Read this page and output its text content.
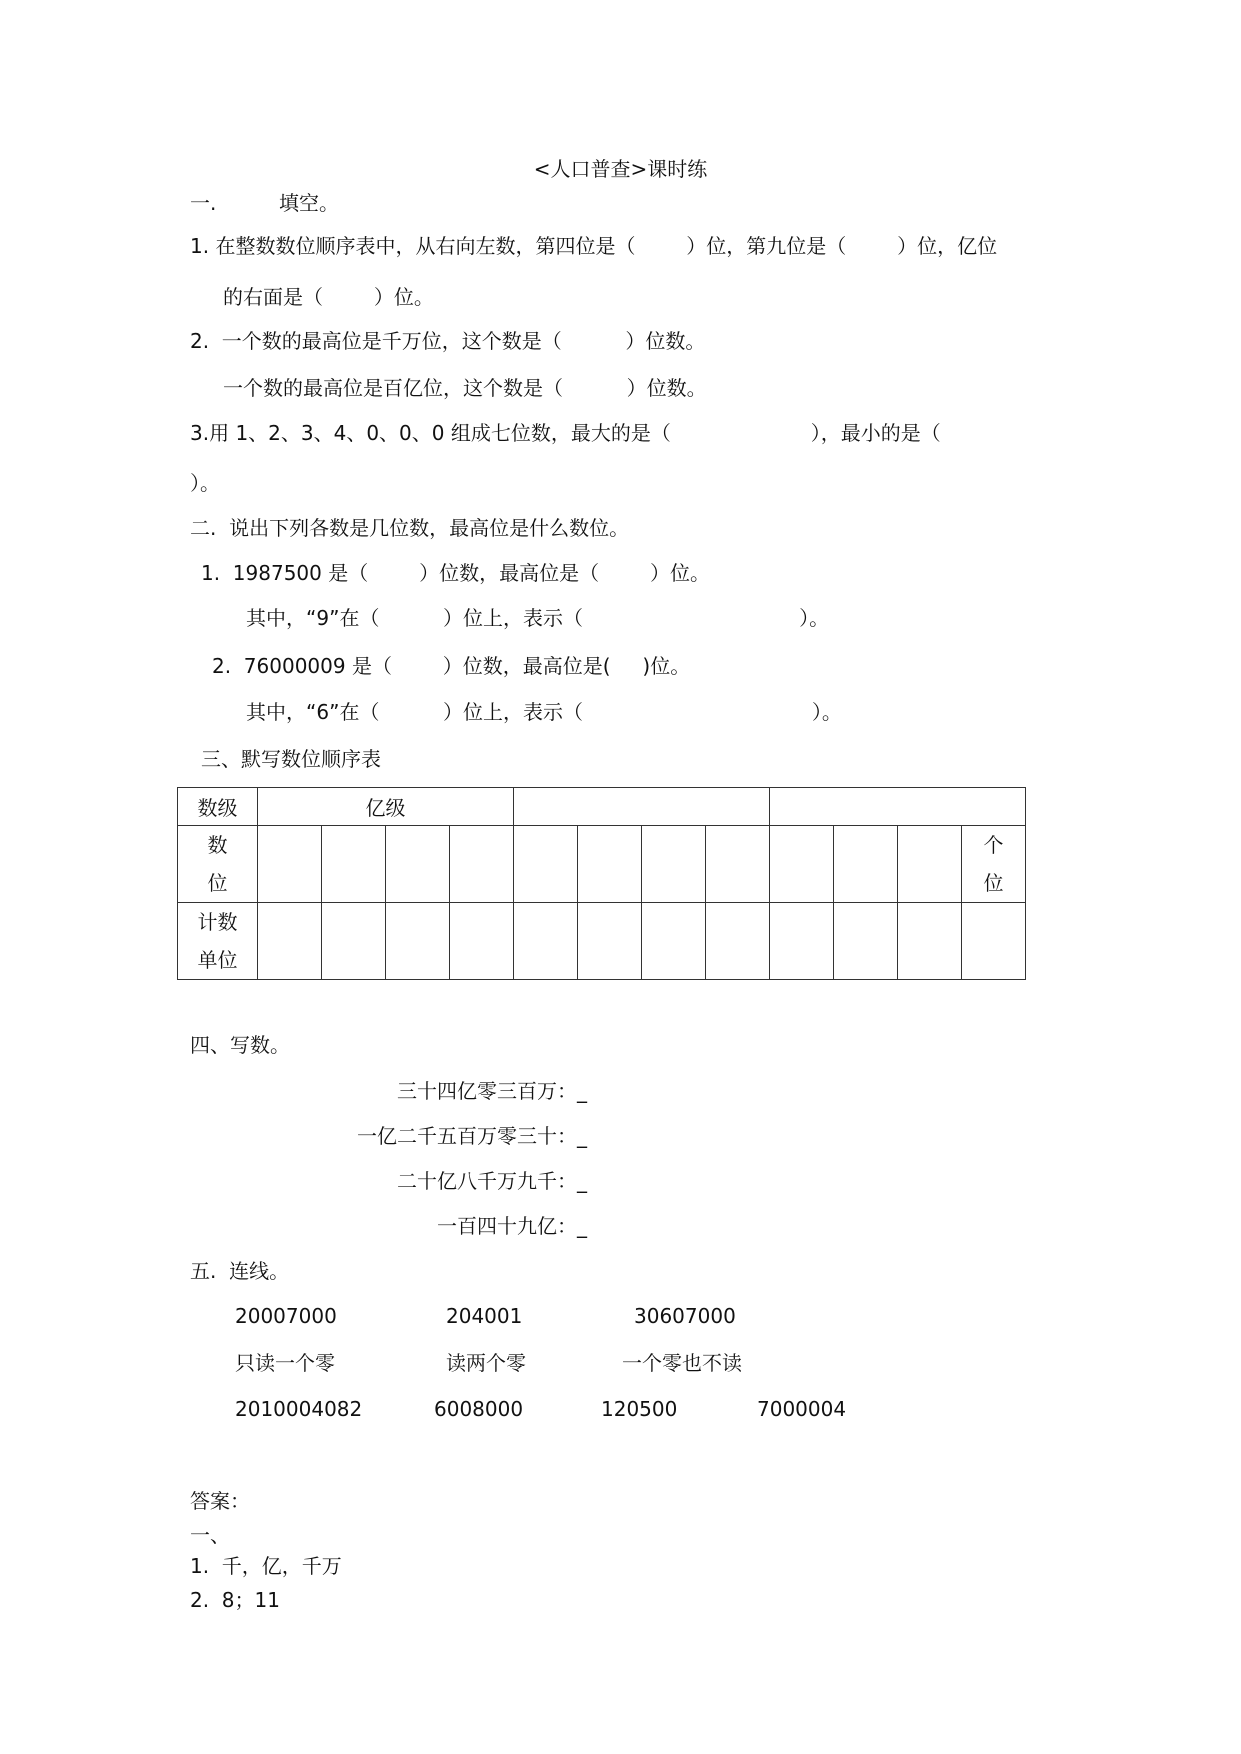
<人口普查>课时练
一.	填空。
1. 在整数数位顺序表中，从右向左数，第四位是（        ）位，第九位是（        ）位，亿位
的右面是（        ）位。
2.  一个数的最高位是千万位，这个数是（          ）位数。
一个数的最高位是百亿位，这个数是（          ）位数。
3.用 1、2、3、4、0、0、0 组成七位数，最大的是（                      ），最小的是（
）。
二.  说出下列各数是几位数，最高位是什么数位。
1.  1987500 是（        ）位数，最高位是（        ）位。
其中，“9”在（          ）位上，表示（                                  ）。
2.  76000009 是（        ）位数，最高位是(     )位。
其中，“6”在（          ）位上，表示（                                    ）。
三、默写数位顺序表
数级	亿级											
数
位												个
位
计数
单位												
四、写数。
三十四亿零三百万：_
一亿二千五百万零三十：_
二十亿八千万九千：_
一百四十九亿：_
五.  连线。
20007000	204001	30607000
只读一个零	读两个零	一个零也不读
2010004082	6008000	120500	7000004
答案：
一、
1.  千，亿，千万
2.  8；11
